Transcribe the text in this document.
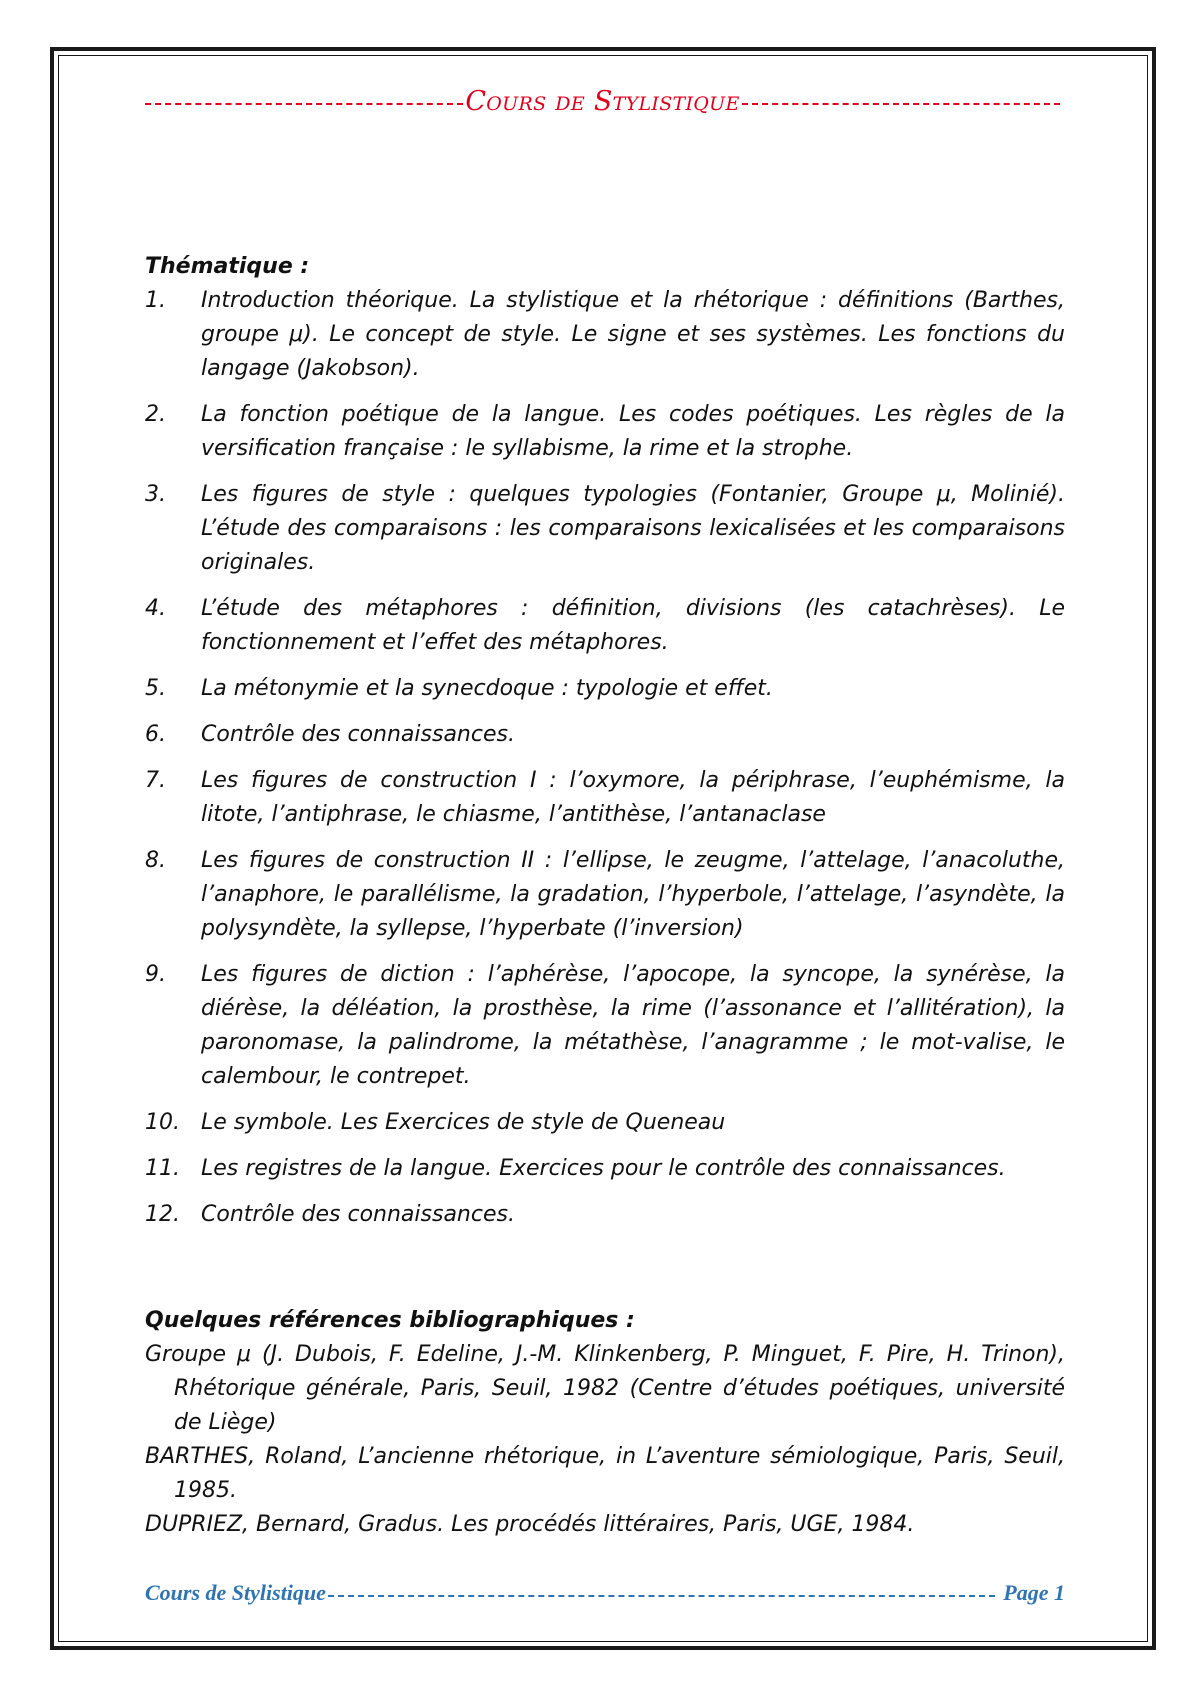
Cours de Stylistique

Thématique :

1.	Introduction théorique. La stylistique et la rhétorique : définitions (Barthes, groupe μ). Le concept de style. Le signe et ses systèmes. Les fonctions du langage (Jakobson).
2.	La fonction poétique de la langue. Les codes poétiques. Les règles de la versification française : le syllabisme, la rime et la strophe.
3.	Les figures de style : quelques typologies (Fontanier, Groupe μ, Molinié). L’étude des comparaisons : les comparaisons lexicalisées et les comparaisons originales.
4.	L’étude des métaphores : définition, divisions (les catachrèses). Le fonctionnement et l’effet des métaphores.
5.	La métonymie et la synecdoque : typologie et effet.
6.	Contrôle des connaissances.
7.	Les figures de construction I : l’oxymore, la périphrase, l’euphémisme, la litote, l’antiphrase, le chiasme, l’antithèse, l’antanaclase
8.	Les figures de construction II : l’ellipse, le zeugme, l’attelage, l’anacoluthe, l’anaphore, le parallélisme, la gradation, l’hyperbole, l’attelage, l’asyndète, la polysyndète, la syllepse, l’hyperbate (l’inversion)
9.	Les figures de diction : l’aphérèse, l’apocope, la syncope, la synérèse, la diérèse, la déléation, la prosthèse, la rime (l’assonance et l’allitération), la paronomase, la palindrome, la métathèse, l’anagramme ; le mot-valise, le calembour, le contrepet.
10. Le symbole. Les Exercices de style de Queneau
11. Les registres de la langue. Exercices pour le contrôle des connaissances.
12. Contrôle des connaissances.

Quelques références bibliographiques :

Groupe μ (J. Dubois, F. Edeline, J.-M. Klinkenberg, P. Minguet, F. Pire, H. Trinon), Rhétorique générale, Paris, Seuil, 1982 (Centre d’études poétiques, université de Liège)

BARTHES, Roland, L’ancienne rhétorique, in L’aventure sémiologique, Paris, Seuil, 1985.

DUPRIEZ, Bernard, Gradus. Les procédés littéraires, Paris, UGE, 1984.

Cours de Stylistique	Page 1
